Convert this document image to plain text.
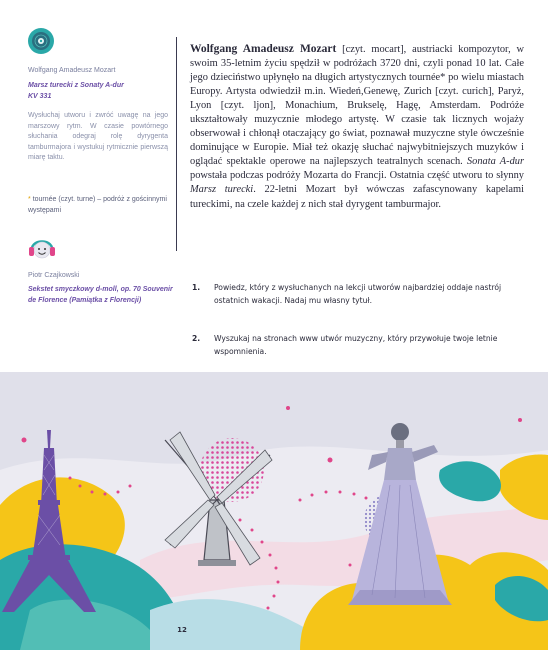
Wolfgang Amadeusz Mozart
Marsz turecki z Sonaty A-dur
KV 331
Wysłuchaj utworu i zwróć uwagę na jego marszowy rytm. W czasie powtórnego słuchania odegraj rolę dyrygenta tamburmajora i wystukuj rytmicznie pierwszą miarę taktu.
* tournée (czyt. turne) – podróż z gościnnymi występami
Piotr Czajkowski
Sekstet smyczkowy d-moll, op. 70 Souvenir de Florence (Pamiątka z Florencji)
Wolfgang Amadeusz Mozart [czyt. mocart], austriacki kompozytor, w swoim 35-letnim życiu spędził w podróżach 3720 dni, czyli ponad 10 lat. Całe jego dzieciństwo upłynęło na długich artystycznych tournée* po wielu miastach Europy. Artysta odwiedził m.in. Wiedeń,Genewę, Zurich [czyt. curich], Paryż, Lyon [czyt. ljon], Monachium, Brukselę, Hagę, Amsterdam. Podróże ukształtowały muzycznie młodego artystę. W czasie tak licznych wojaży obserwował i chłonął otaczający go świat, poznawał muzyczne style ówcześnie dominujące w Europie. Miał też okazję słuchać najwybitniejszych muzyków i oglądać spektakle operowe na najlepszych teatralnych scenach. Sonata A-dur powstała podczas podróży Mozarta do Francji. Ostatnia część utworu to słynny Marsz turecki. 22-letni Mozart był wówczas zafascynowany kapelami tureckimi, na czele każdej z nich stał dyrygent tamburmajor.
1. Powiedz, który z wysłuchanych na lekcji utworów najbardziej oddaje nastrój ostatnich wakacji. Nadaj mu własny tytuł.
2. Wyszukaj na stronach www utwór muzyczny, który przywołuje twoje letnie wspomnienia.
12
